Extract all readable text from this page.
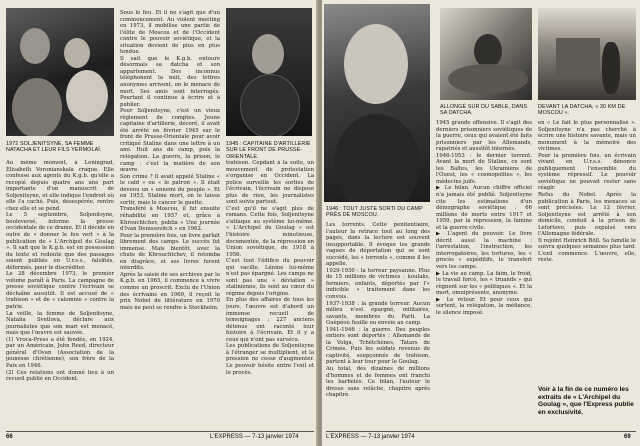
1972 SOLJENITSYNE, SA FEMME NATACHA ET LEUR FILS YERMOLAÏ.
1945 : CAPITAINE D'ARTILLERIE SUR LE FRONT DE PRUSSE-ORIENTALE.
Au même moment, à Leningrad, Elisabeth Voronianskaïa craque. Elle confesse aux agents du K.g.b. qu'elle a recopié depuis quatre ans une part importante d'un manuscrit de Soljenitsyne, et elle indique l'endroit où elle l'a caché. Puis, désespérée, rentre chez elle et se pend.
Le 5 septembre, Soljenitsyne, bouleversé, informe la presse occidentale de ce drame. Et il décide en outre de « donner le feu vert » à la publication de « L'Archipel du Goulag ». Il sait que le K.g.b. est en possession du texte et redoute que des passages soient publiés en U.r.s.s., falsifiés, déformés, pour le discréditer.
Le 28 décembre 1973, le premier volume paraît à Paris. La campagne de presse soviétique contre l'écrivain se déchaîne aussitôt. Il est accusé de « trahison » et de « calomnie » contre la patrie.
La veille, la femme de Soljenitsyne, Natalia Svetlova, déclare aux journalistes que son mari est menacé, mais que l'œuvre est sauvée.
(1) Vroca-Press a été fondée, en 1924, par un Américain, John Reed, directeur général d'Ovan (Association de la jeunesse chrétienne), son frère de la Paix en 1946.
(2) Ces relations ont donné lieu à un recueil publié en Occident.
Sous le feu. Et il ne s'agit que d'un commencement. Au violent meeting en 1973, il mobilise une partie de l'élite de Moscou et de l'Occident contre le pouvoir soviétique, et la situation devient de plus en plus tendue.
Il sait que le K.g.b. entoure désormais sa datcha et son appartement. Des inconnus téléphonent la nuit, des lettres anonymes arrivent, on le menace de mort. Ses amis sont interrogés. Pourtant il continue à écrire et à publier.
Pour Soljenitsyne, c'est un vieux règlement de comptes. Jeune capitaine d'artillerie, décoré, il avait été arrêté en février 1945 sur le front de Prusse-Orientale pour avoir critiqué Staline dans une lettre à un ami. Huit ans de camp, puis la relégation. La guerre, la prison, le camp : c'est la matière de son œuvre.
Son crime ? Il avait appelé Staline « le caïd » ou « le patron ». Il était devenu un « ennemi du peuple ». Et en 1953, Staline mort, on le laisse sortir, mais le cancer le guette.
Transféré à Moscou, il fut ensuite réhabilité en 1957 et, grâce à Khrouchtchev, publia « Une journée d'Ivan Denissovitch » en 1962.
Pour la première fois, un livre parlait librement des camps. Le succès fut immense. Mais bientôt, avec la chute de Khrouchtchev, il retomba en disgrâce, et ses livres furent interdits.
Après la saisie de ses archives par le K.g.b. en 1965, il commence à vivre comme un proscrit. Exclu de l'Union des écrivains en 1969, il reçoit le prix Nobel de littérature en 1970 mais ne peut se rendre à Stockholm.
trahison. Cepdant à la suite, un mouvement de protestation s'organise en Occident. La police surveille les sorties de l'écrivain, l'écrivain ne dispose plus de rien, les journalistes sont suivis partout.
C'est qu'il ne s'agit plus de romans. Cette fois, Soljenitsyne s'attaque au système lui-même. « L'Archipel du Goulag » est l'histoire minutieuse, documentée, de la répression en Union soviétique, de 1918 à 1956.
C'est tout l'édifice du pouvoir qui vacille. Lénine lui-même n'est pas épargné. Les camps ne sont pas une « déviation » stalinienne, ils sont au cœur du régime depuis l'origine.
En plus des affaires de tous les jours, l'œuvre est d'abord un immense recueil de témoignages : 227 anciens détenus ont raconté leur histoire à l'écrivain. Et il y a ceux qui n'ont pas survécu.
Les publications de Soljenitsyne à l'étranger se multiplient, et la pression ne cesse d'augmenter. Le pouvoir hésite entre l'exil et le procès.
66	L'EXPRESS — 7-13 janvier 1974
1946 : TOUT JUSTE SORTI DU CAMP PRÈS DE MOSCOU.
ALLONGÉ SUR DU SABLE, DANS SA DATCHA.
DEVANT LA DATCHA, « 30 KM DE MOSCOU ».
Les torrents. Cette penitentiaire, l'auteur la retrace tout au long des pages, dans la lecture est souvent insupportable. Il évoque les grands vagues de déportation qui se sont succédé, les « torrents », comme il les appelle.
1929-1930 : la terreur paysanne. Plus de 15 millions de victimes : koulaks, fermiers, enfants, déportés par l'« indicible » traitement dans les convois.
1937-1938 : la grande terreur. Aucun milieu n'est épargné, militaires, savants, membres du Parti. La Guépéou fusille ou envoie au camp.
1941-1946 : la guerre. Des peuples entiers sont déportés : Allemands de la Volga, Tchétchènes, Tatars de Crimée. Puis les soldats revenus de captivité, soupçonnés de trahison, partent à leur tour pour le Goulag.
Au total, des dizaines de millions d'hommes et de femmes ont franchi les barbelés. Ce bilan, l'auteur le dresse sans relâche, chapitre après chapitre.
1945 grande offensive. Il s'agit des derniers prisonniers soviétiques de la guerre, ceux qui avaient été faits prisonniers par les Allemands, rapatriés et aussitôt internés.
1946-1953 : le dernier torrent. Avant la mort de Staline, ce sont les Baltes, les Ukrainiens de l'Ouest, les « cosmopolites », les médecins juifs.
▶ Le bilan. Aucun chiffre officiel n'a jamais été publié. Soljenitsyne cite les estimations d'un démographe soviétique : 66 millions de morts entre 1917 et 1959, par la répression, la famine et la guerre civile.
▶ L'agent du pouvoir. Le livre décrit aussi la machine : l'arrestation, l'instruction, les interrogatoires, les tortures, les « procès » expéditifs, le transfert vers les camps.
▶ La vie au camp. La faim, le froid, le travail forcé, les « truands » qui règnent sur les « politiques ». Et la mort, omniprésente, anonyme.
▶ Le retour. Et pour ceux qui sortent, la relégation, la méfiance, le silence imposé.
en « Le fait le plus personnalisé ». Soljenitsyne n'a pas cherché à écrire une histoire savante, mais un monument à la mémoire des victimes.
Pour la première fois, un écrivain vivant en U.r.s.s. dénonce publiquement l'ensemble du système répressif. Le pouvoir soviétique ne pouvait rester sans réagir.
Refus du Nobel. Après la publication à Paris, les menaces se sont précisées. Le 12 février, Soljenitsyne est arrêté à son domicile, conduit à la prison de Lefortovo, puis expulsé vers l'Allemagne fédérale.
Il rejoint Heinrich Böll. Sa famille le suivra quelques semaines plus tard. L'exil commence. L'œuvre, elle, reste.
Voir à la fin de ce numéro les extraits de « L'Archipel du Goulag », que l'Express publie en exclusivité.
L'EXPRESS — 7-13 janvier 1974	69
